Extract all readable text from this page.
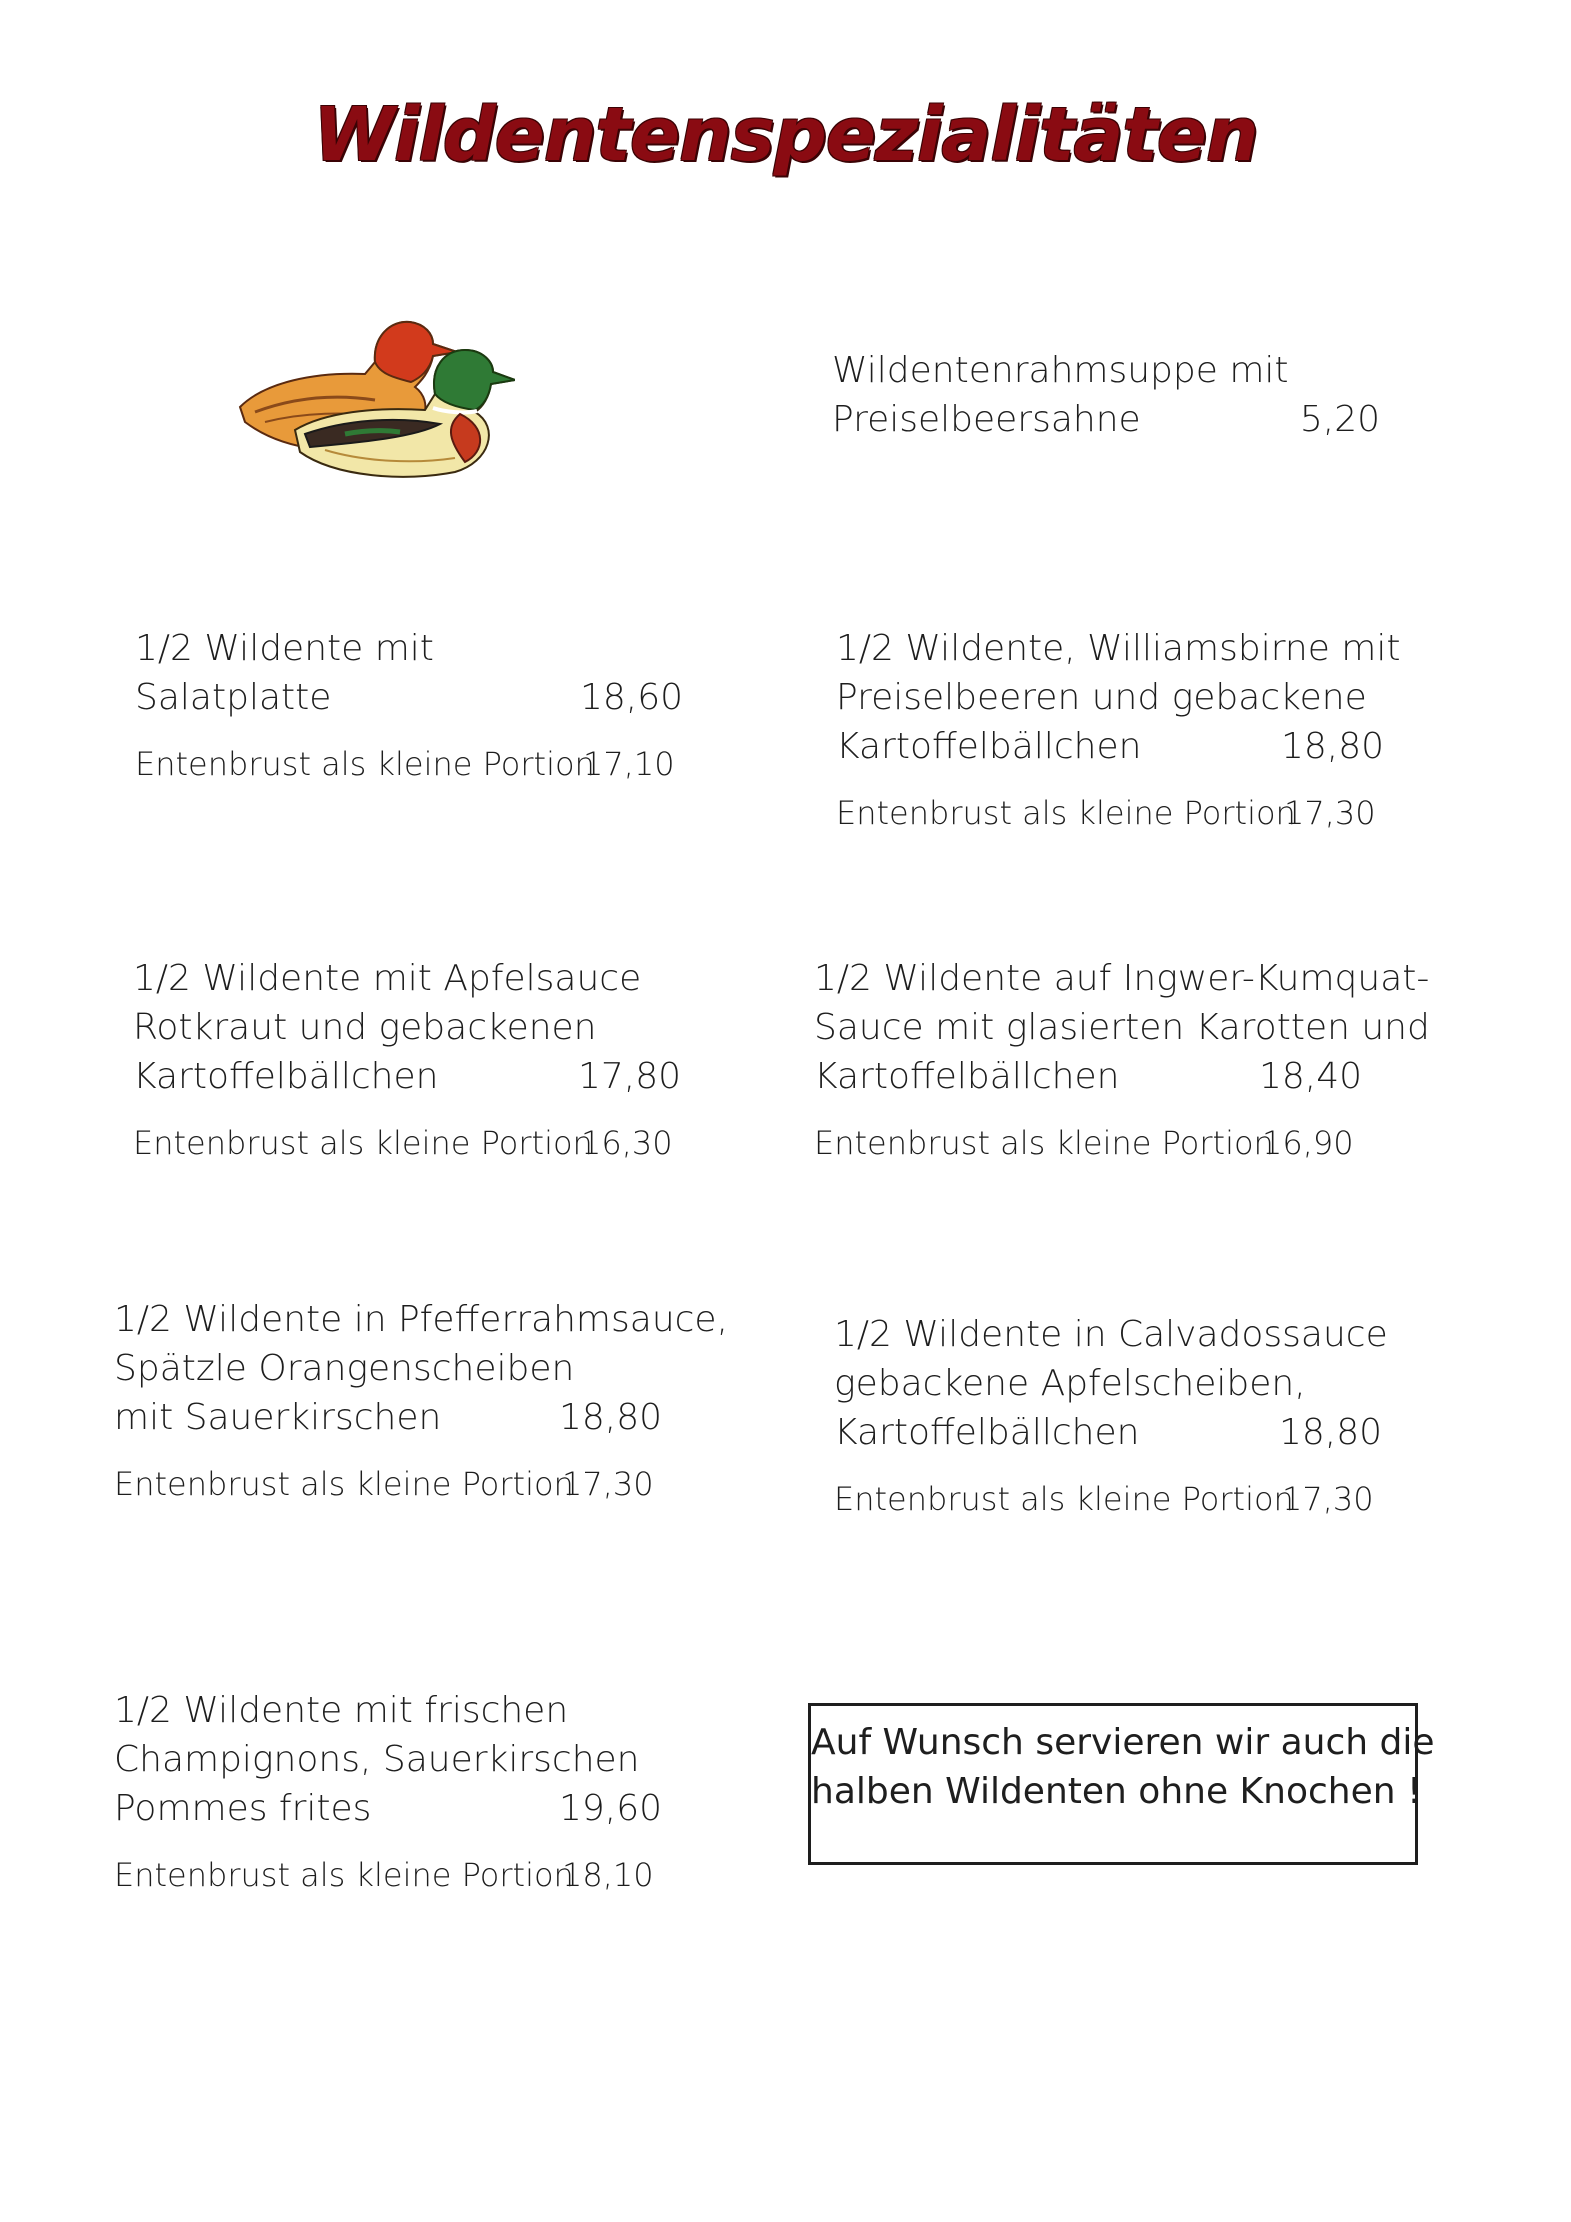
Wildentenspezialitäten
Wildentenrahmsuppe mit
Preiselbeersahne	5,20
1/2 Wildente mit
Salatplatte	18,60
Entenbrust als kleine Portion
17,10
1/2 Wildente, Williamsbirne mit
Preiselbeeren und gebackene
Kartoffelbällchen	18,80
Entenbrust als kleine Portion
17,30
1/2 Wildente mit Apfelsauce
Rotkraut und gebackenen
Kartoffelbällchen	17,80
Entenbrust als kleine Portion
16,30
1/2 Wildente auf Ingwer-Kumquat-
Sauce mit glasierten Karotten und
Kartoffelbällchen	18,40
Entenbrust als kleine Portion
16,90
1/2 Wildente in Pfefferrahmsauce,
Spätzle Orangenscheiben
mit Sauerkirschen	18,80
Entenbrust als kleine Portion
17,30
1/2 Wildente in Calvadossauce
gebackene Apfelscheiben,
Kartoffelbällchen	18,80
Entenbrust als kleine Portion
17,30
1/2 Wildente mit frischen
Champignons, Sauerkirschen
Pommes frites	19,60
Entenbrust als kleine Portion
18,10
Auf Wunsch servieren wir auch die
halben Wildenten ohne Knochen !
